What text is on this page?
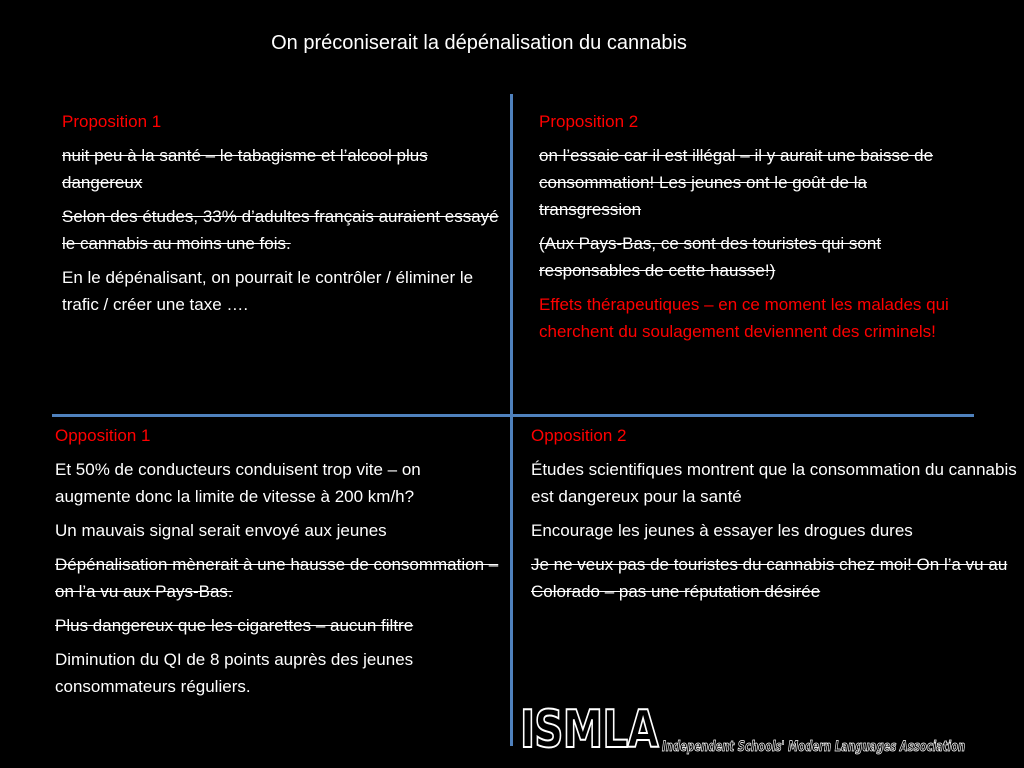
On préconiserait la dépénalisation du cannabis
Proposition 1

nuit peu à la santé – le tabagisme et l’alcool plus dangereux

Selon des études, 33% d’adultes français auraient essayé le cannabis au moins une fois.

En le dépénalisant, on pourrait le contrôler / éliminer le trafic / créer une taxe ….

Proposition 2

on l’essaie car il est illégal – il y aurait une baisse de consommation! Les jeunes ont le goût de la transgression

(Aux Pays-Bas, ce sont des touristes qui sont responsables de cette hausse!)

Effets thérapeutiques – en ce moment les malades qui cherchent du soulagement deviennent des criminels!

Opposition 1

Et 50% de conducteurs conduisent trop vite – on augmente donc la limite de vitesse à 200 km/h?

Un mauvais signal serait envoyé aux jeunes

Dépénalisation mènerait à une hausse de consommation – on l’a vu aux Pays-Bas.

Plus dangereux que les cigarettes – aucun filtre

Diminution du QI de 8 points auprès des jeunes consommateurs réguliers.

Opposition 2

Études scientifiques montrent que la consommation du cannabis est dangereux pour la santé

Encourage les jeunes à essayer les drogues dures

Je ne veux pas de touristes du cannabis chez moi! On l’a vu au Colorado – pas une réputation désirée

ISMLA Independent Schools' Modern Languages Association
